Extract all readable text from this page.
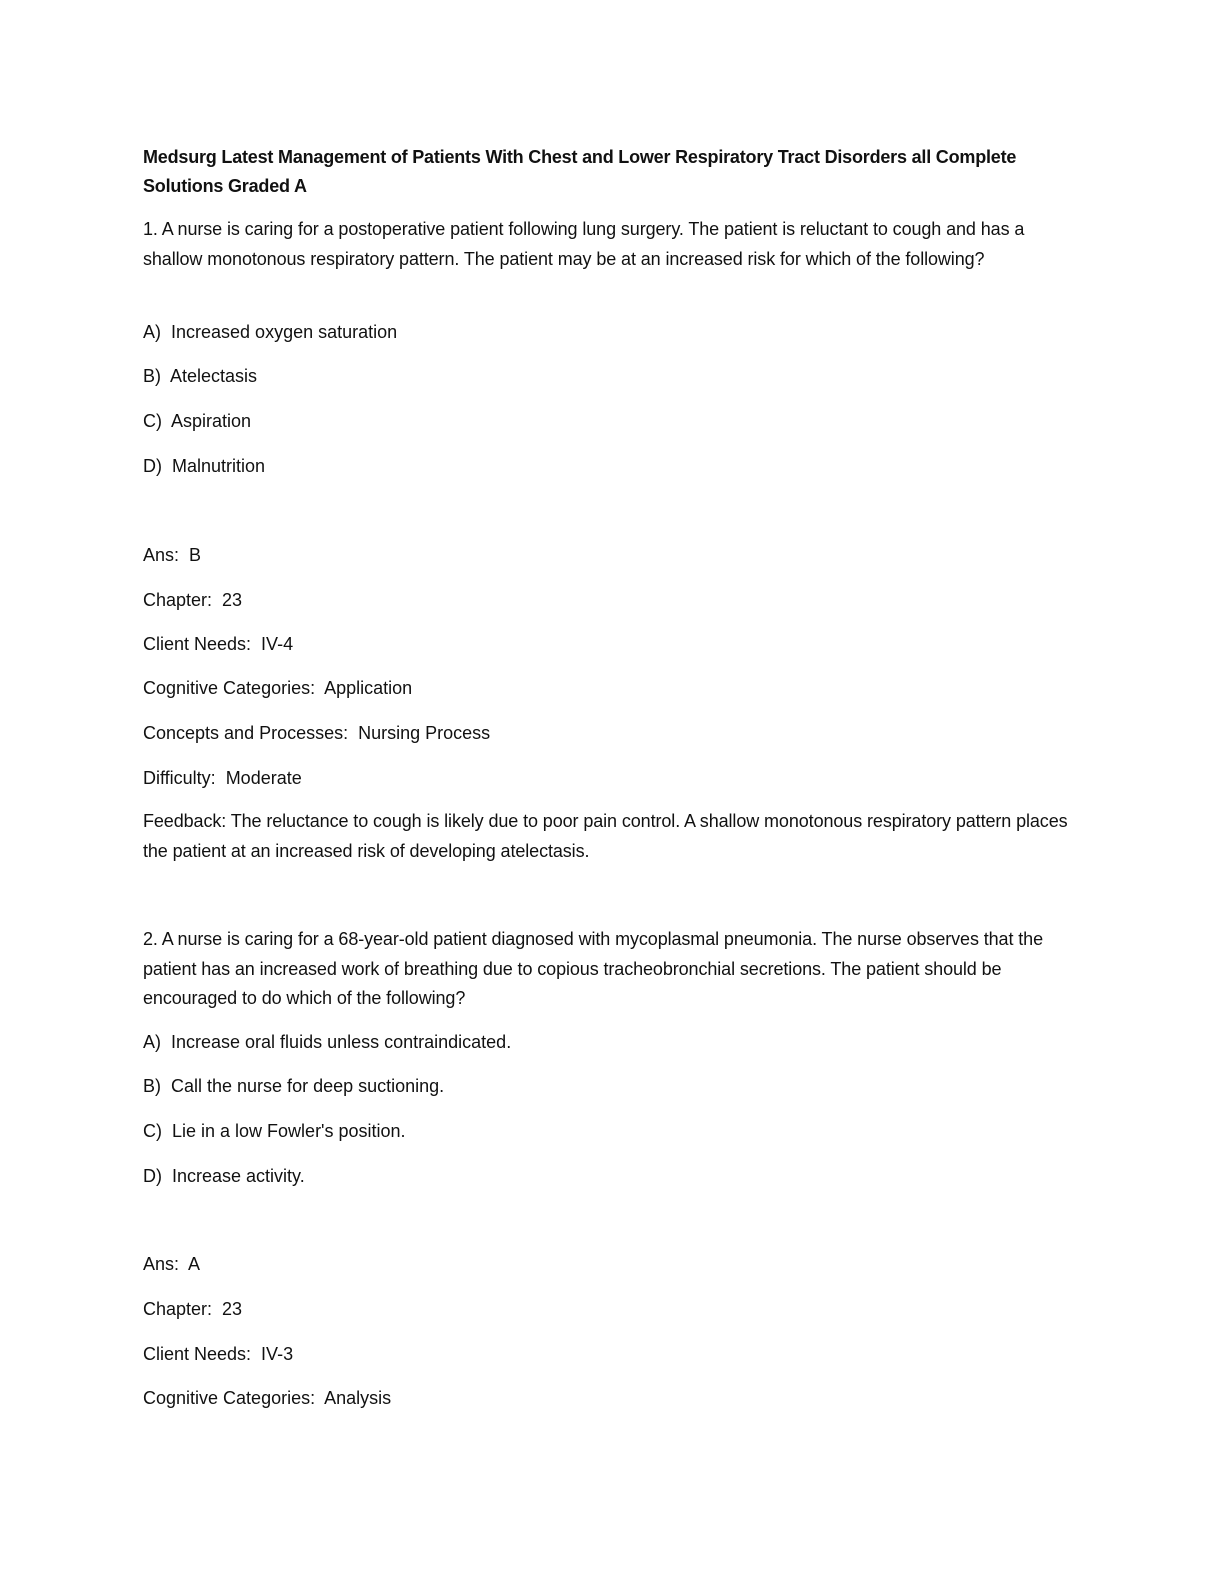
Medsurg Latest Management of Patients With Chest and Lower Respiratory Tract Disorders all Complete Solutions Graded A
1. A nurse is caring for a postoperative patient following lung surgery. The patient is reluctant to cough and has a shallow monotonous respiratory pattern. The patient may be at an increased risk for which of the following?
A)  Increased oxygen saturation
B)  Atelectasis
C)  Aspiration
D)  Malnutrition
Ans:  B
Chapter:  23
Client Needs:  IV-4
Cognitive Categories:  Application
Concepts and Processes:  Nursing Process
Difficulty:  Moderate
Feedback: The reluctance to cough is likely due to poor pain control. A shallow monotonous respiratory pattern places the patient at an increased risk of developing atelectasis.
2. A nurse is caring for a 68-year-old patient diagnosed with mycoplasmal pneumonia. The nurse observes that the patient has an increased work of breathing due to copious tracheobronchial secretions. The patient should be encouraged to do which of the following?
A)  Increase oral fluids unless contraindicated.
B)  Call the nurse for deep suctioning.
C)  Lie in a low Fowler's position.
D)  Increase activity.
Ans:  A
Chapter:  23
Client Needs:  IV-3
Cognitive Categories:  Analysis
